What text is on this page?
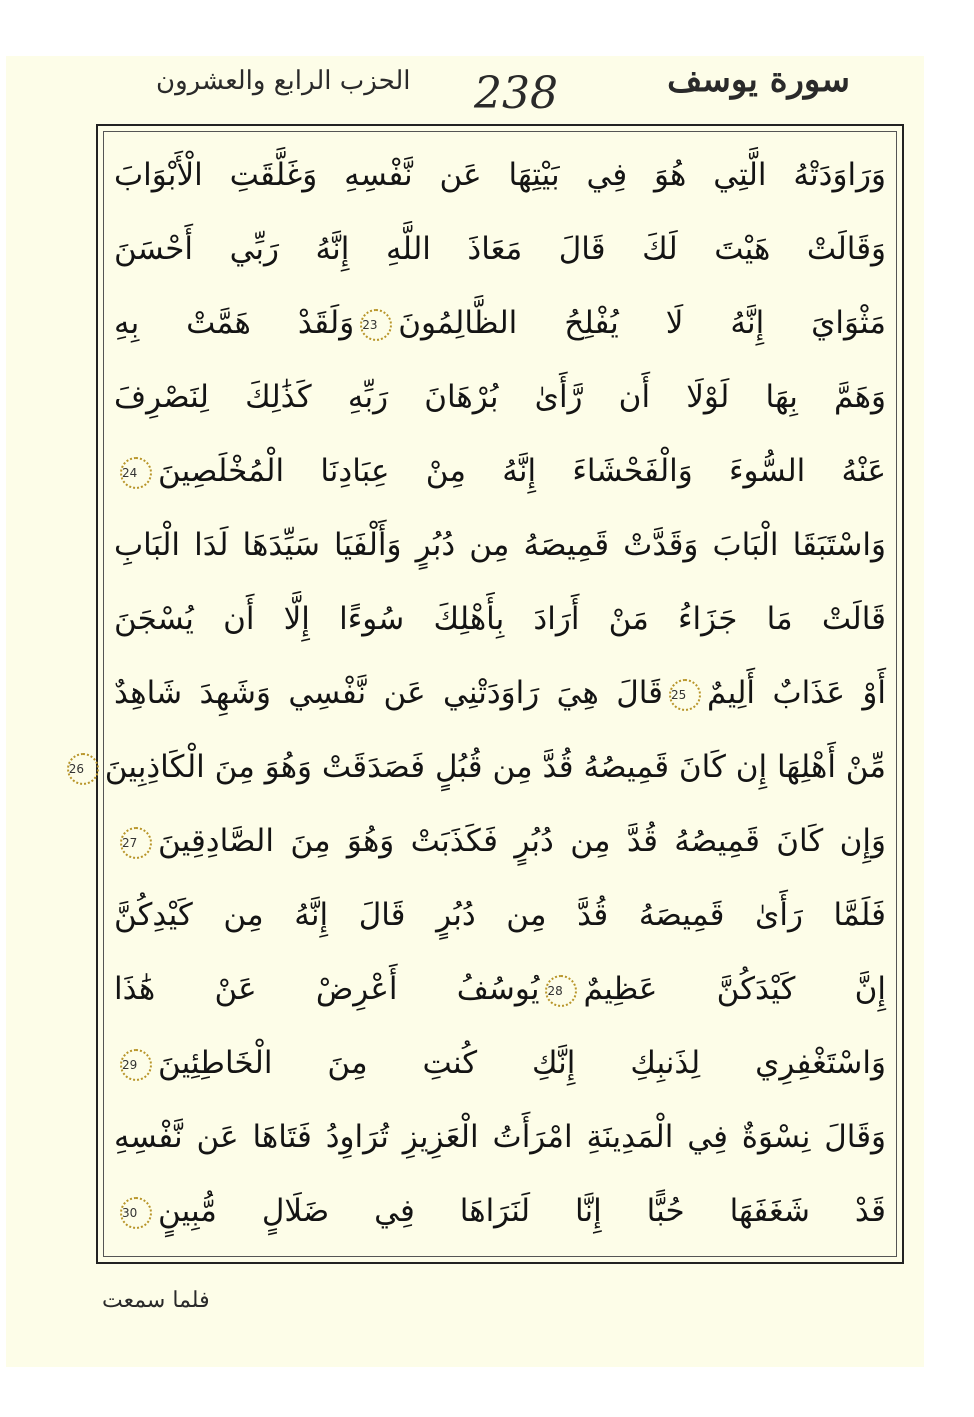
الحزب الرابع والعشرون 238	سورة يوسف
وَرَاوَدَتْهُ الَّتِي هُوَ فِي بَيْتِهَا عَن نَّفْسِهِ وَغَلَّقَتِ الْأَبْوَابَ
وَقَالَتْ هَيْتَ لَكَ قَالَ مَعَاذَ اللَّهِ إِنَّهُ رَبِّي أَحْسَنَ
مَثْوَايَ إِنَّهُ لَا يُفْلِحُ الظَّالِمُونَ23وَلَقَدْ هَمَّتْ بِهِ
وَهَمَّ بِهَا لَوْلَا أَن رَّأَىٰ بُرْهَانَ رَبِّهِ كَذَٰلِكَ لِنَصْرِفَ
عَنْهُ السُّوءَ وَالْفَحْشَاءَ إِنَّهُ مِنْ عِبَادِنَا الْمُخْلَصِينَ24
وَاسْتَبَقَا الْبَابَ وَقَدَّتْ قَمِيصَهُ مِن دُبُرٍ وَأَلْفَيَا سَيِّدَهَا لَدَا الْبَابِ
قَالَتْ مَا جَزَاءُ مَنْ أَرَادَ بِأَهْلِكَ سُوءًا إِلَّا أَن يُسْجَنَ
أَوْ عَذَابٌ أَلِيمٌ25قَالَ هِيَ رَاوَدَتْنِي عَن نَّفْسِي وَشَهِدَ شَاهِدٌ
مِّنْ أَهْلِهَا إِن كَانَ قَمِيصُهُ قُدَّ مِن قُبُلٍ فَصَدَقَتْ وَهُوَ مِنَ الْكَاذِبِينَ26
وَإِن كَانَ قَمِيصُهُ قُدَّ مِن دُبُرٍ فَكَذَبَتْ وَهُوَ مِنَ الصَّادِقِينَ27
فَلَمَّا رَأَىٰ قَمِيصَهُ قُدَّ مِن دُبُرٍ قَالَ إِنَّهُ مِن كَيْدِكُنَّ
إِنَّ كَيْدَكُنَّ عَظِيمٌ28يُوسُفُ أَعْرِضْ عَنْ هَٰذَا
وَاسْتَغْفِرِي لِذَنبِكِ إِنَّكِ كُنتِ مِنَ الْخَاطِئِينَ29
وَقَالَ نِسْوَةٌ فِي الْمَدِينَةِ امْرَأَتُ الْعَزِيزِ تُرَاوِدُ فَتَاهَا عَن نَّفْسِهِ
قَدْ شَغَفَهَا حُبًّا إِنَّا لَنَرَاهَا فِي ضَلَالٍ مُّبِينٍ30
فلما سمعت
